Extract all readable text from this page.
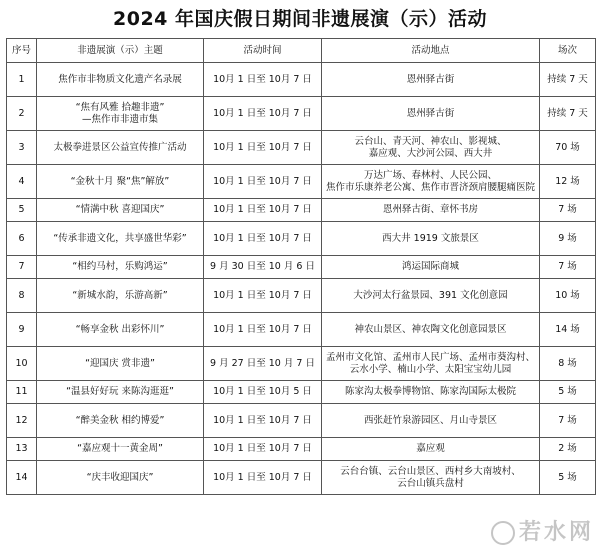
2024 年国庆假日期间非遗展演（示）活动
序号	非遗展演（示）主题	活动时间	活动地点	场次
1	焦作市非物质文化遗产名录展	10月 1 日至 10月 7 日	恩州驿古街	持续 7 天
2	“焦有风雅 拾趣非遗”
—焦作市非遗市集	10月 1 日至 10月 7 日	恩州驿古街	持续 7 天
3	太极拳进景区公益宣传推广活动	10月 1 日至 10月 7 日	云台山、青天河、神农山、影视城、
嘉应观、大沙河公园、西大井	70 场
4	“金秋十月 聚“焦”解放”	10月 1 日至 10月 7 日	万达广场、春林村、人民公园、
焦作市乐康养老公寓、焦作市晋济颈肩腰腿痛医院	12 场
5	“情满中秋 喜迎国庆”	10月 1 日至 10月 7 日	恩州驿古街、章怀书房	7 场
6	“传承非遗文化，共享盛世华彩”	10月 1 日至 10月 7 日	西大井 1919 文旅景区	9 场
7	“相约马村，乐购鸿运”	9 月 30 日至 10 月 6 日	鸿运国际商城	7 场
8	“新城水韵，乐游高新”	10月 1 日至 10月 7 日	大沙河太行盆景园、391 文化创意园	10 场
9	“畅享金秋 出彩怀川”	10月 1 日至 10月 7 日	神农山景区、神农陶文化创意园景区	14 场
10	“迎国庆 赏非遗”	9 月 27 日至 10 月 7 日	孟州市文化馆、孟州市人民广场、孟州市葵沟村、
云水小学、楠山小学、太阳宝宝幼儿园	8 场
11	“温县好好玩 来陈沟逛逛”	10月 1 日至 10月 5 日	陈家沟太极拳博物馆、陈家沟国际太极院	5 场
12	“醉美金秋 相约博爱”	10月 1 日至 10月 7 日	西张赶竹泉游园区、月山寺景区	7 场
13	“嘉应观十一黄金周”	10月 1 日至 10月 7 日	嘉应观	2 场
14	“庆丰收迎国庆”	10月 1 日至 10月 7 日	云台台镇、云台山景区、西村乡大南坡村、
云台山镇兵盘村	5 场
若水网
